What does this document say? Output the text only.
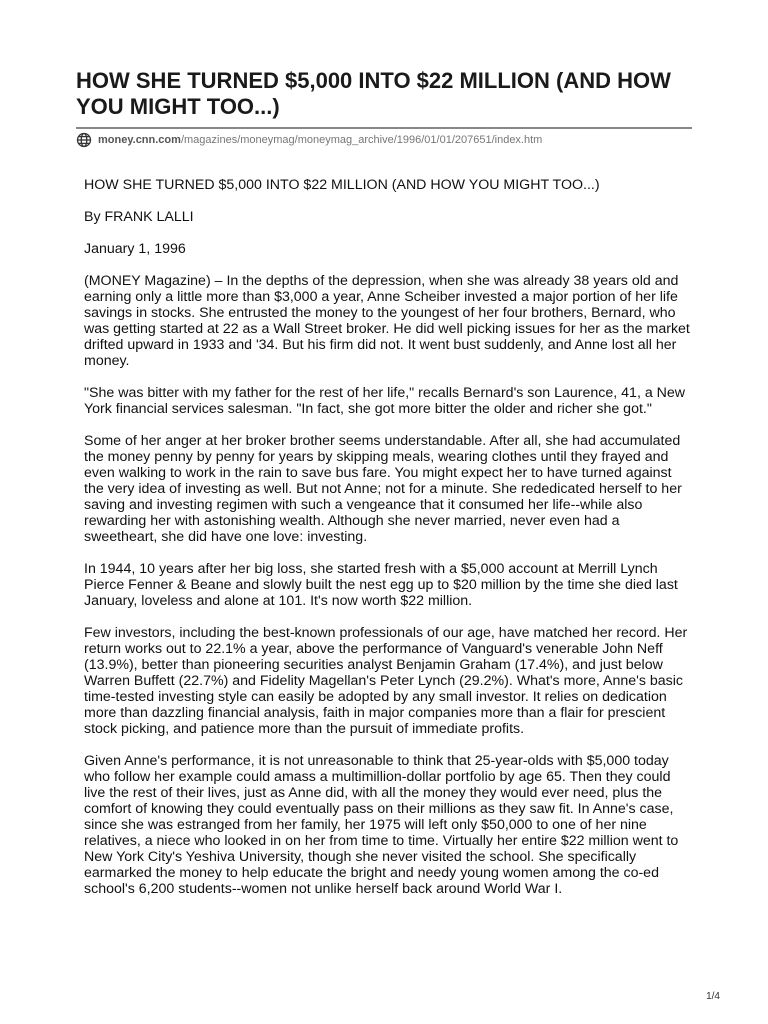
HOW SHE TURNED $5,000 INTO $22 MILLION (AND HOW YOU MIGHT TOO...)
money.cnn.com /magazines/moneymag/moneymag_archive/1996/01/01/207651/index.htm

HOW SHE TURNED $5,000 INTO $22 MILLION (AND HOW YOU MIGHT TOO...)

By FRANK LALLI

January 1, 1996

(MONEY Magazine) – In the depths of the depression, when she was already 38 years old and earning only a little more than $3,000 a year, Anne Scheiber invested a major portion of her life savings in stocks. She entrusted the money to the youngest of her four brothers, Bernard, who was getting started at 22 as a Wall Street broker. He did well picking issues for her as the market drifted upward in 1933 and '34. But his firm did not. It went bust suddenly, and Anne lost all her money.

"She was bitter with my father for the rest of her life," recalls Bernard's son Laurence, 41, a New York financial services salesman. "In fact, she got more bitter the older and richer she got."

Some of her anger at her broker brother seems understandable. After all, she had accumulated the money penny by penny for years by skipping meals, wearing clothes until they frayed and even walking to work in the rain to save bus fare. You might expect her to have turned against the very idea of investing as well. But not Anne; not for a minute. She rededicated herself to her saving and investing regimen with such a vengeance that it consumed her life--while also rewarding her with astonishing wealth. Although she never married, never even had a sweetheart, she did have one love: investing.

In 1944, 10 years after her big loss, she started fresh with a $5,000 account at Merrill Lynch Pierce Fenner & Beane and slowly built the nest egg up to $20 million by the time she died last January, loveless and alone at 101. It's now worth $22 million.

Few investors, including the best-known professionals of our age, have matched her record. Her return works out to 22.1% a year, above the performance of Vanguard's venerable John Neff (13.9%), better than pioneering securities analyst Benjamin Graham (17.4%), and just below Warren Buffett (22.7%) and Fidelity Magellan's Peter Lynch (29.2%). What's more, Anne's basic time-tested investing style can easily be adopted by any small investor. It relies on dedication more than dazzling financial analysis, faith in major companies more than a flair for prescient stock picking, and patience more than the pursuit of immediate profits.

Given Anne's performance, it is not unreasonable to think that 25-year-olds with $5,000 today who follow her example could amass a multimillion-dollar portfolio by age 65. Then they could live the rest of their lives, just as Anne did, with all the money they would ever need, plus the comfort of knowing they could eventually pass on their millions as they saw fit. In Anne's case, since she was estranged from her family, her 1975 will left only $50,000 to one of her nine relatives, a niece who looked in on her from time to time. Virtually her entire $22 million went to New York City's Yeshiva University, though she never visited the school. She specifically earmarked the money to help educate the bright and needy young women among the co-ed school's 6,200 students--women not unlike herself back around World War I.

1/4
